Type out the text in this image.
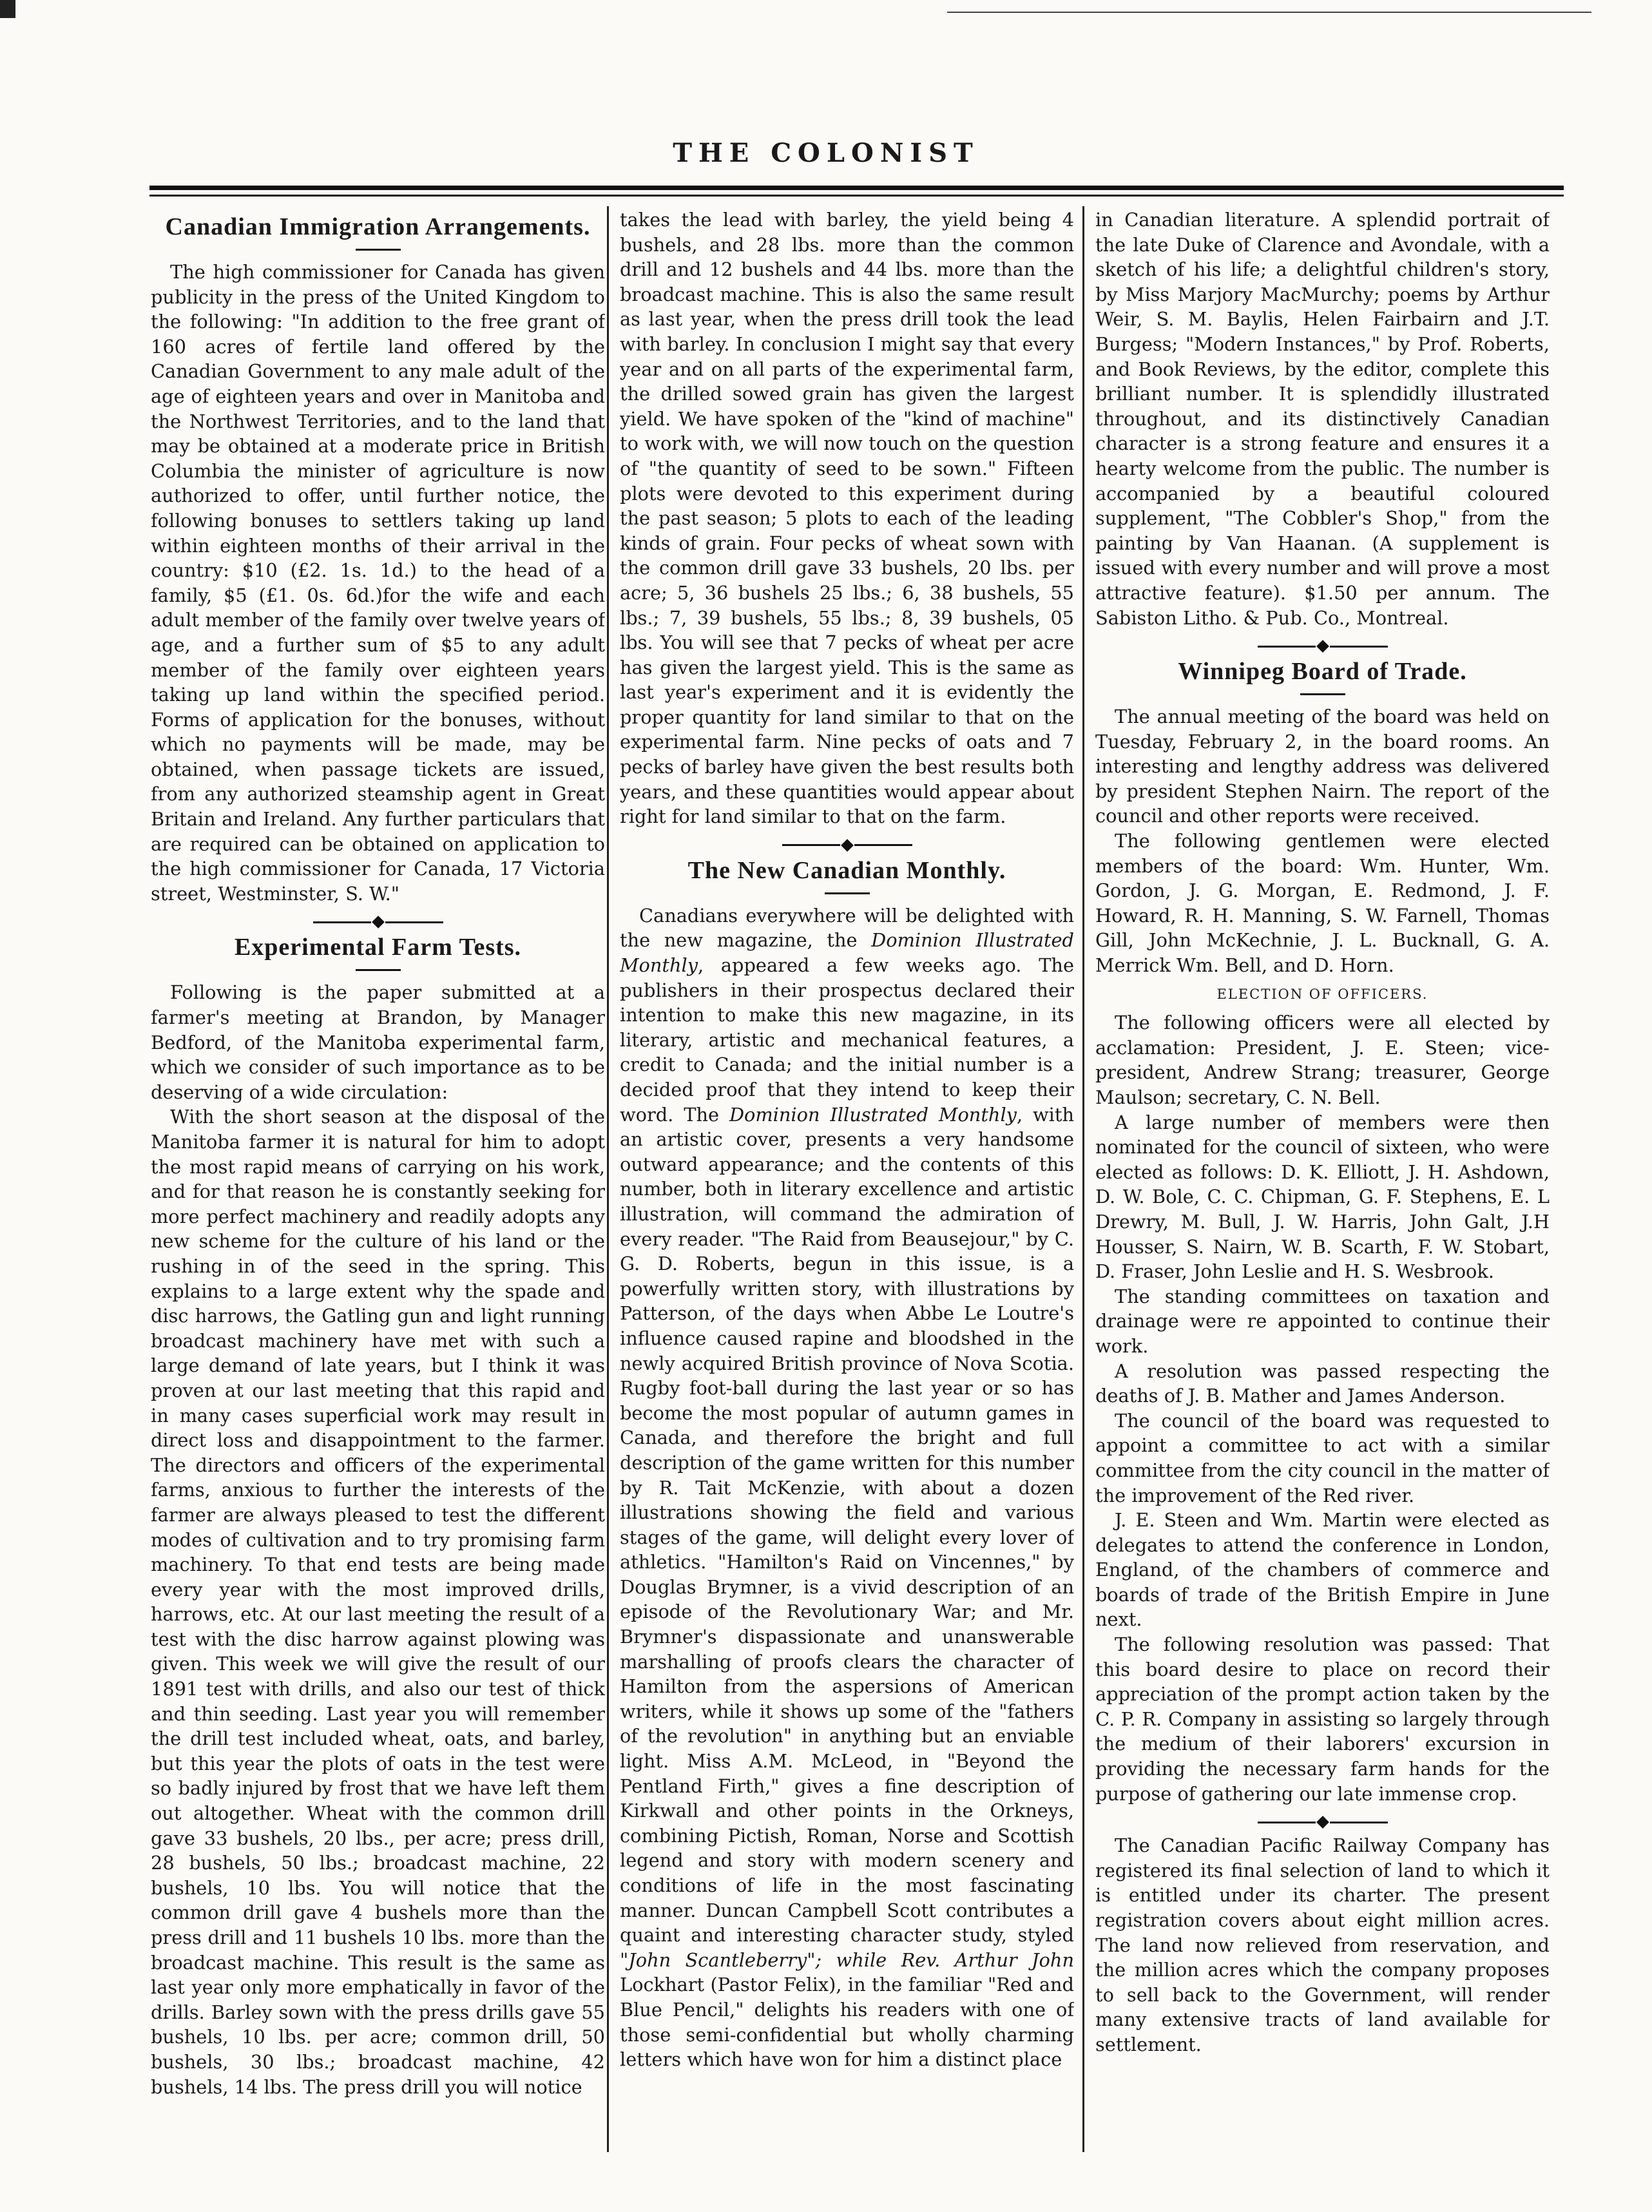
THE COLONIST
Canadian Immigration Arrangements.

The high commissioner for Canada has given publicity in the press of the United Kingdom to the following: "In addition to the free grant of 160 acres of fertile land offered by the Canadian Government to any male adult of the age of eighteen years and over in Manitoba and the Northwest Territories, and to the land that may be obtained at a moderate price in British Columbia the minister of agriculture is now authorized to offer, until further notice, the following bonuses to settlers taking up land within eighteen months of their arrival in the country: $10 (£2. 1s. 1d.) to the head of a family, $5 (£1. 0s. 6d.)for the wife and each adult member of the family over twelve years of age, and a further sum of $5 to any adult member of the family over eighteen years taking up land within the specified period. Forms of application for the bonuses, without which no payments will be made, may be obtained, when passage tickets are issued, from any authorized steamship agent in Great Britain and Ireland. Any further particulars that are required can be obtained on application to the high commissioner for Canada, 17 Victoria street, Westminster, S. W."

Experimental Farm Tests.

Following is the paper submitted at a farmer's meeting at Brandon, by Manager Bedford, of the Manitoba experimental farm, which we consider of such importance as to be deserving of a wide circulation:

With the short season at the disposal of the Manitoba farmer it is natural for him to adopt the most rapid means of carrying on his work, and for that reason he is constantly seeking for more perfect machinery and readily adopts any new scheme for the culture of his land or the rushing in of the seed in the spring. This explains to a large extent why the spade and disc harrows, the Gatling gun and light running broadcast machinery have met with such a large demand of late years, but I think it was proven at our last meeting that this rapid and in many cases superficial work may result in direct loss and disappointment to the farmer. The directors and officers of the experimental farms, anxious to further the interests of the farmer are always pleased to test the different modes of cultivation and to try promising farm machinery. To that end tests are being made every year with the most improved drills, harrows, etc. At our last meeting the result of a test with the disc harrow against plowing was given. This week we will give the result of our 1891 test with drills, and also our test of thick and thin seeding. Last year you will remember the drill test included wheat, oats, and barley, but this year the plots of oats in the test were so badly injured by frost that we have left them out altogether. Wheat with the common drill gave 33 bushels, 20 lbs., per acre; press drill, 28 bushels, 50 lbs.; broadcast machine, 22 bushels, 10 lbs. You will notice that the common drill gave 4 bushels more than the press drill and 11 bushels 10 lbs. more than the broadcast machine. This result is the same as last year only more emphatically in favor of the drills. Barley sown with the press drills gave 55 bushels, 10 lbs. per acre; common drill, 50 bushels, 30 lbs.; broadcast machine, 42 bushels, 14 lbs. The press drill you will notice

takes the lead with barley, the yield being 4 bushels, and 28 lbs. more than the common drill and 12 bushels and 44 lbs. more than the broadcast machine. This is also the same result as last year, when the press drill took the lead with barley. In conclusion I might say that every year and on all parts of the experimental farm, the drilled sowed grain has given the largest yield. We have spoken of the "kind of machine" to work with, we will now touch on the question of "the quantity of seed to be sown." Fifteen plots were devoted to this experiment during the past season; 5 plots to each of the leading kinds of grain. Four pecks of wheat sown with the common drill gave 33 bushels, 20 lbs. per acre; 5, 36 bushels 25 lbs.; 6, 38 bushels, 55 lbs.; 7, 39 bushels, 55 lbs.; 8, 39 bushels, 05 lbs. You will see that 7 pecks of wheat per acre has given the largest yield. This is the same as last year's experiment and it is evidently the proper quantity for land similar to that on the experimental farm. Nine pecks of oats and 7 pecks of barley have given the best results both years, and these quantities would appear about right for land similar to that on the farm.

The New Canadian Monthly.

Canadians everywhere will be delighted with the new magazine, the Dominion Illustrated Monthly, appeared a few weeks ago. The publishers in their prospectus declared their intention to make this new magazine, in its literary, artistic and mechanical features, a credit to Canada; and the initial number is a decided proof that they intend to keep their word. The Dominion Illustrated Monthly, with an artistic cover, presents a very handsome outward appearance; and the contents of this number, both in literary excellence and artistic illustration, will command the admiration of every reader. "The Raid from Beausejour," by C. G. D. Roberts, begun in this issue, is a powerfully written story, with illustrations by Patterson, of the days when Abbe Le Loutre's influence caused rapine and bloodshed in the newly acquired British province of Nova Scotia. Rugby foot-ball during the last year or so has become the most popular of autumn games in Canada, and therefore the bright and full description of the game written for this number by R. Tait McKenzie, with about a dozen illustrations showing the field and various stages of the game, will delight every lover of athletics. "Hamilton's Raid on Vincennes," by Douglas Brymner, is a vivid description of an episode of the Revolutionary War; and Mr. Brymner's dispassionate and unanswerable marshalling of proofs clears the character of Hamilton from the aspersions of American writers, while it shows up some of the "fathers of the revolution" in anything but an enviable light. Miss A.M. McLeod, in "Beyond the Pentland Firth," gives a fine description of Kirkwall and other points in the Orkneys, combining Pictish, Roman, Norse and Scottish legend and story with modern scenery and conditions of life in the most fascinating manner. Duncan Campbell Scott contributes a quaint and interesting character study, styled "John Scantleberry"; while Rev. Arthur John Lockhart (Pastor Felix), in the familiar "Red and Blue Pencil," delights his readers with one of those semi-confidential but wholly charming letters which have won for him a distinct place

in Canadian literature. A splendid portrait of the late Duke of Clarence and Avondale, with a sketch of his life; a delightful children's story, by Miss Marjory MacMurchy; poems by Arthur Weir, S. M. Baylis, Helen Fairbairn and J.T. Burgess; "Modern Instances," by Prof. Roberts, and Book Reviews, by the editor, complete this brilliant number. It is splendidly illustrated throughout, and its distinctively Canadian character is a strong feature and ensures it a hearty welcome from the public. The number is accompanied by a beautiful coloured supplement, "The Cobbler's Shop," from the painting by Van Haanan. (A supplement is issued with every number and will prove a most attractive feature). $1.50 per annum. The Sabiston Litho. & Pub. Co., Montreal.

Winnipeg Board of Trade.

The annual meeting of the board was held on Tuesday, February 2, in the board rooms. An interesting and lengthy address was delivered by president Stephen Nairn. The report of the council and other reports were received.

The following gentlemen were elected members of the board: Wm. Hunter, Wm. Gordon, J. G. Morgan, E. Redmond, J. F. Howard, R. H. Manning, S. W. Farnell, Thomas Gill, John McKechnie, J. L. Bucknall, G. A. Merrick Wm. Bell, and D. Horn.

ELECTION OF OFFICERS.

The following officers were all elected by acclamation: President, J. E. Steen; vice-president, Andrew Strang; treasurer, George Maulson; secretary, C. N. Bell.

A large number of members were then nominated for the council of sixteen, who were elected as follows: D. K. Elliott, J. H. Ashdown, D. W. Bole, C. C. Chipman, G. F. Stephens, E. L Drewry, M. Bull, J. W. Harris, John Galt, J.H Housser, S. Nairn, W. B. Scarth, F. W. Stobart, D. Fraser, John Leslie and H. S. Wesbrook.

The standing committees on taxation and drainage were re appointed to continue their work.

A resolution was passed respecting the deaths of J. B. Mather and James Anderson.

The council of the board was requested to appoint a committee to act with a similar committee from the city council in the matter of the improvement of the Red river.

J. E. Steen and Wm. Martin were elected as delegates to attend the conference in London, England, of the chambers of commerce and boards of trade of the British Empire in June next.

The following resolution was passed: That this board desire to place on record their appreciation of the prompt action taken by the C. P. R. Company in assisting so largely through the medium of their laborers' excursion in providing the necessary farm hands for the purpose of gathering our late immense crop.

The Canadian Pacific Railway Company has registered its final selection of land to which it is entitled under its charter. The present registration covers about eight million acres. The land now relieved from reservation, and the million acres which the company proposes to sell back to the Government, will render many extensive tracts of land available for settlement.
